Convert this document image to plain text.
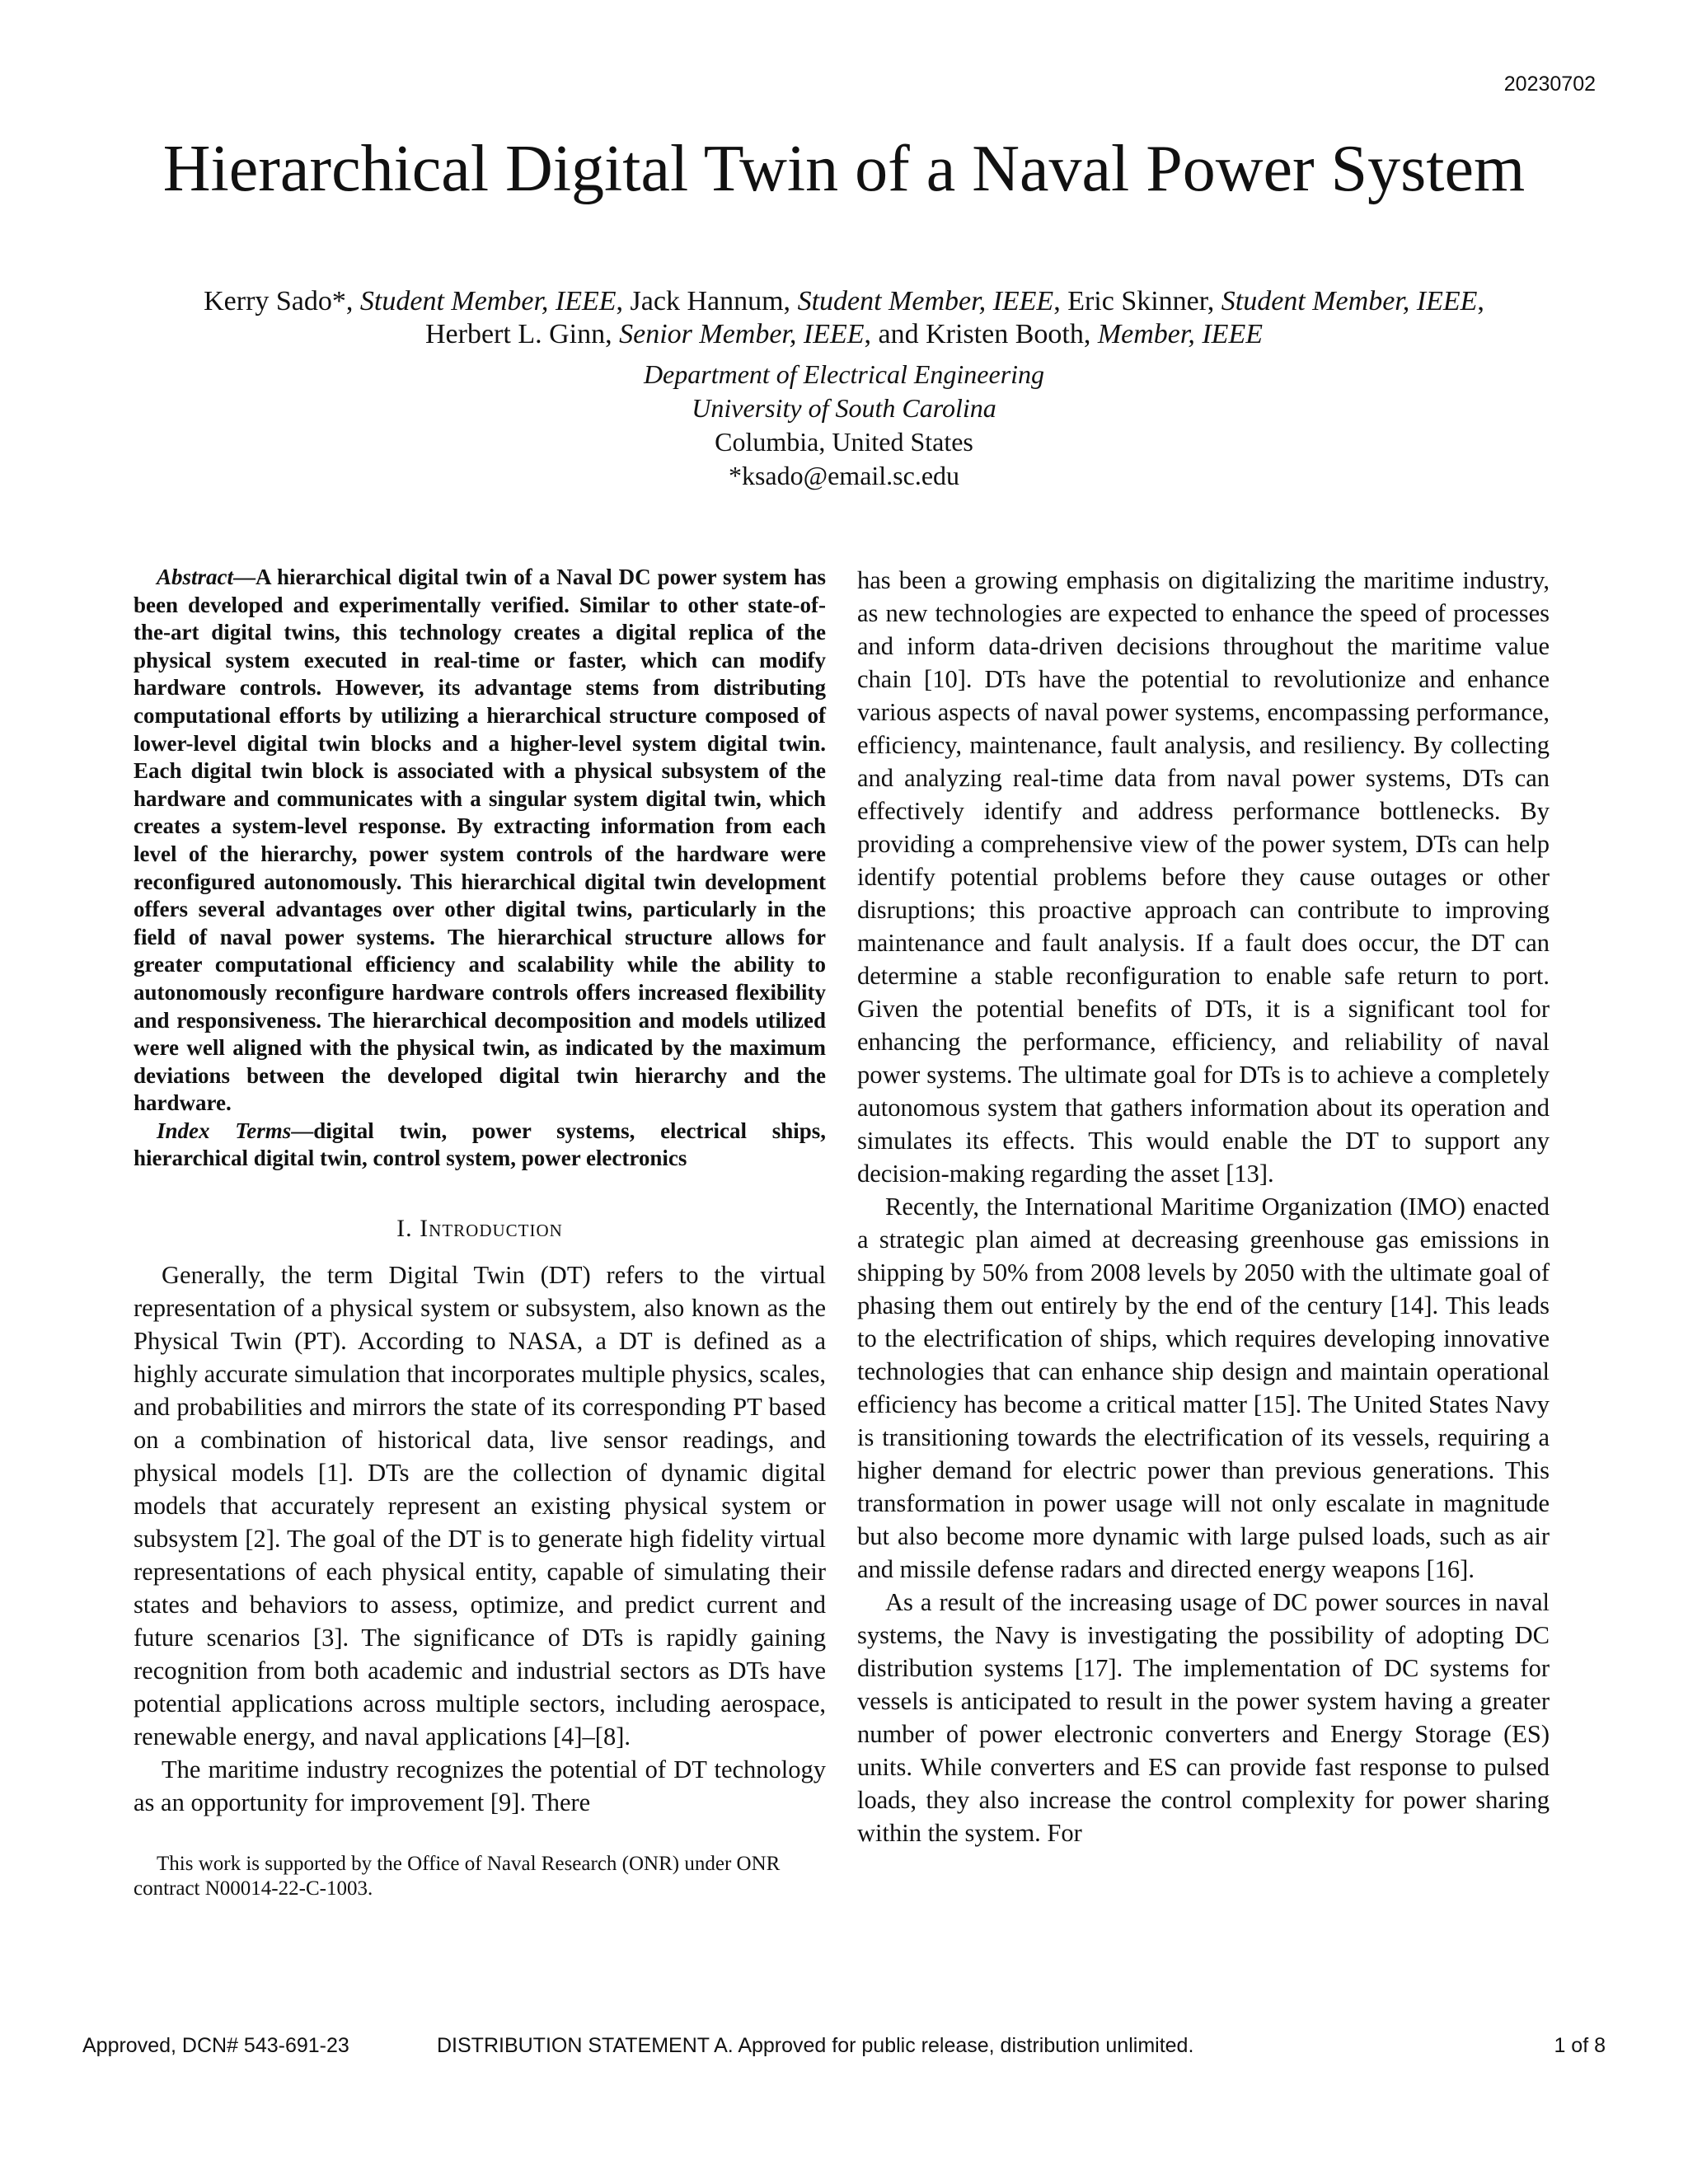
20230702
Hierarchical Digital Twin of a Naval Power System
Kerry Sado*, Student Member, IEEE, Jack Hannum, Student Member, IEEE, Eric Skinner, Student Member, IEEE,
Herbert L. Ginn, Senior Member, IEEE, and Kristen Booth, Member, IEEE
Department of Electrical Engineering
University of South Carolina
Columbia, United States
*ksado@email.sc.edu

Abstract—A hierarchical digital twin of a Naval DC power system has been developed and experimentally verified. Similar to other state-of-the-art digital twins, this technology creates a digital replica of the physical system executed in real-time or faster, which can modify hardware controls. However, its advantage stems from distributing computational efforts by utilizing a hierarchical structure composed of lower-level digital twin blocks and a higher-level system digital twin. Each digital twin block is associated with a physical subsystem of the hardware and communicates with a singular system digital twin, which creates a system-level response. By extracting information from each level of the hierarchy, power system controls of the hardware were reconfigured autonomously. This hierarchical digital twin development offers several advantages over other digital twins, particularly in the field of naval power systems. The hierarchical structure allows for greater computational efficiency and scalability while the ability to autonomously reconfigure hardware controls offers increased flexibility and responsiveness. The hierarchical decomposition and models utilized were well aligned with the physical twin, as indicated by the maximum deviations between the developed digital twin hierarchy and the hardware.

Index Terms—digital twin, power systems, electrical ships, hierarchical digital twin, control system, power electronics

I. Introduction

Generally, the term Digital Twin (DT) refers to the virtual representation of a physical system or subsystem, also known as the Physical Twin (PT). According to NASA, a DT is defined as a highly accurate simulation that incorporates multiple physics, scales, and probabilities and mirrors the state of its corresponding PT based on a combination of historical data, live sensor readings, and physical models [1]. DTs are the collection of dynamic digital models that accurately represent an existing physical system or subsystem [2]. The goal of the DT is to generate high fidelity virtual representations of each physical entity, capable of simulating their states and behaviors to assess, optimize, and predict current and future scenarios [3]. The significance of DTs is rapidly gaining recognition from both academic and industrial sectors as DTs have potential applications across multiple sectors, including aerospace, renewable energy, and naval applications [4]–[8].

The maritime industry recognizes the potential of DT technology as an opportunity for improvement [9]. There

This work is supported by the Office of Naval Research (ONR) under ONR contract N00014-22-C-1003.

has been a growing emphasis on digitalizing the maritime industry, as new technologies are expected to enhance the speed of processes and inform data-driven decisions throughout the maritime value chain [10]. DTs have the potential to revolutionize and enhance various aspects of naval power systems, encompassing performance, efficiency, maintenance, fault analysis, and resiliency. By collecting and analyzing real-time data from naval power systems, DTs can effectively identify and address performance bottlenecks. By providing a comprehensive view of the power system, DTs can help identify potential problems before they cause outages or other disruptions; this proactive approach can contribute to improving maintenance and fault analysis. If a fault does occur, the DT can determine a stable reconfiguration to enable safe return to port. Given the potential benefits of DTs, it is a significant tool for enhancing the performance, efficiency, and reliability of naval power systems. The ultimate goal for DTs is to achieve a completely autonomous system that gathers information about its operation and simulates its effects. This would enable the DT to support any decision-making regarding the asset [13].

Recently, the International Maritime Organization (IMO) enacted a strategic plan aimed at decreasing greenhouse gas emissions in shipping by 50% from 2008 levels by 2050 with the ultimate goal of phasing them out entirely by the end of the century [14]. This leads to the electrification of ships, which requires developing innovative technologies that can enhance ship design and maintain operational efficiency has become a critical matter [15]. The United States Navy is transitioning towards the electrification of its vessels, requiring a higher demand for electric power than previous generations. This transformation in power usage will not only escalate in magnitude but also become more dynamic with large pulsed loads, such as air and missile defense radars and directed energy weapons [16].

As a result of the increasing usage of DC power sources in naval systems, the Navy is investigating the possibility of adopting DC distribution systems [17]. The implementation of DC systems for vessels is anticipated to result in the power system having a greater number of power electronic converters and Energy Storage (ES) units. While converters and ES can provide fast response to pulsed loads, they also increase the control complexity for power sharing within the system. For

Approved, DCN# 543-691-23	DISTRIBUTION STATEMENT A. Approved for public release, distribution unlimited.	1 of 8
